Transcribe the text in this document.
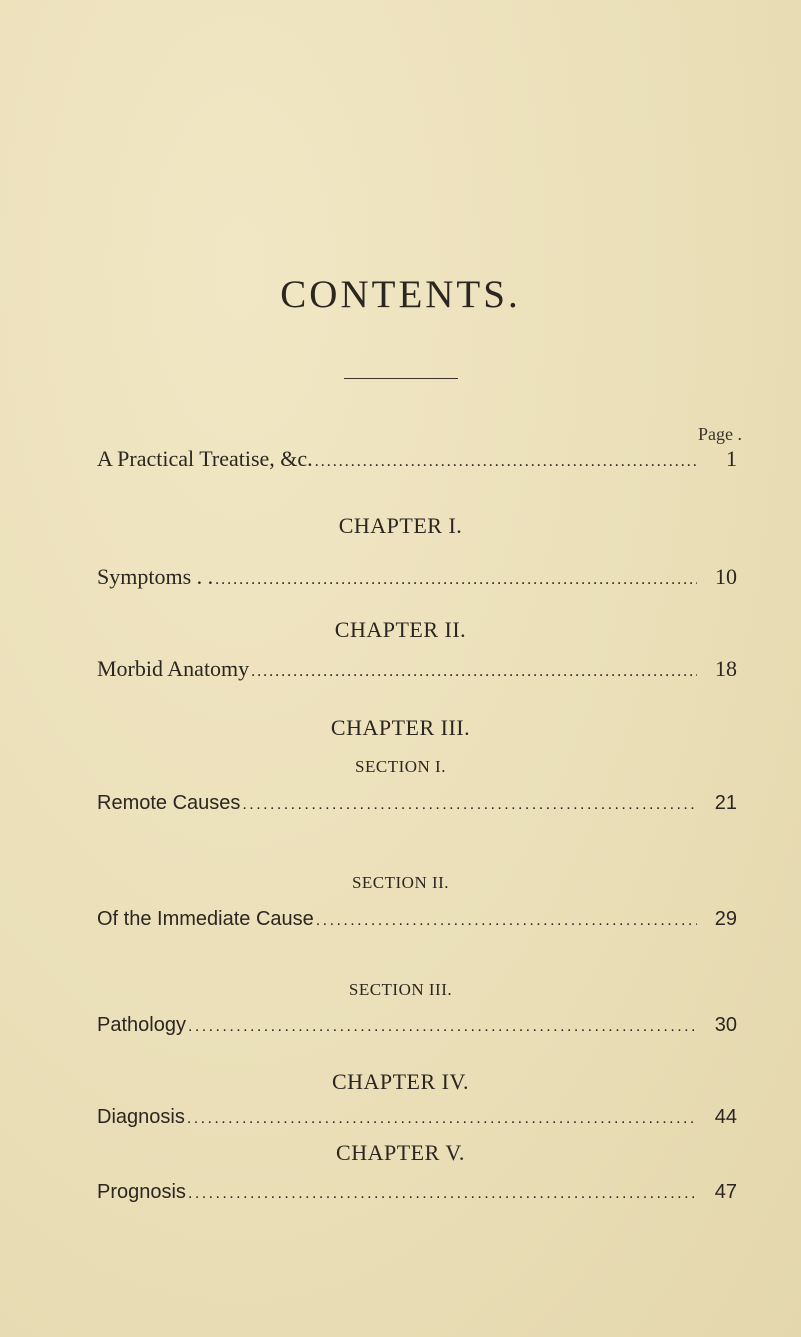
CONTENTS.
Page .
A Practical Treatise, &c. . . .	1
CHAPTER I.
Symptoms . . . . .	10
CHAPTER II.
Morbid Anatomy . . .	18
CHAPTER III.
SECTION I.
Remote Causes . . .	21
SECTION II.
Of the Immediate Cause . . .	29
SECTION III.
Pathology . . .	30
CHAPTER IV.
Diagnosis . . .	44
CHAPTER V.
Prognosis . . .	47
